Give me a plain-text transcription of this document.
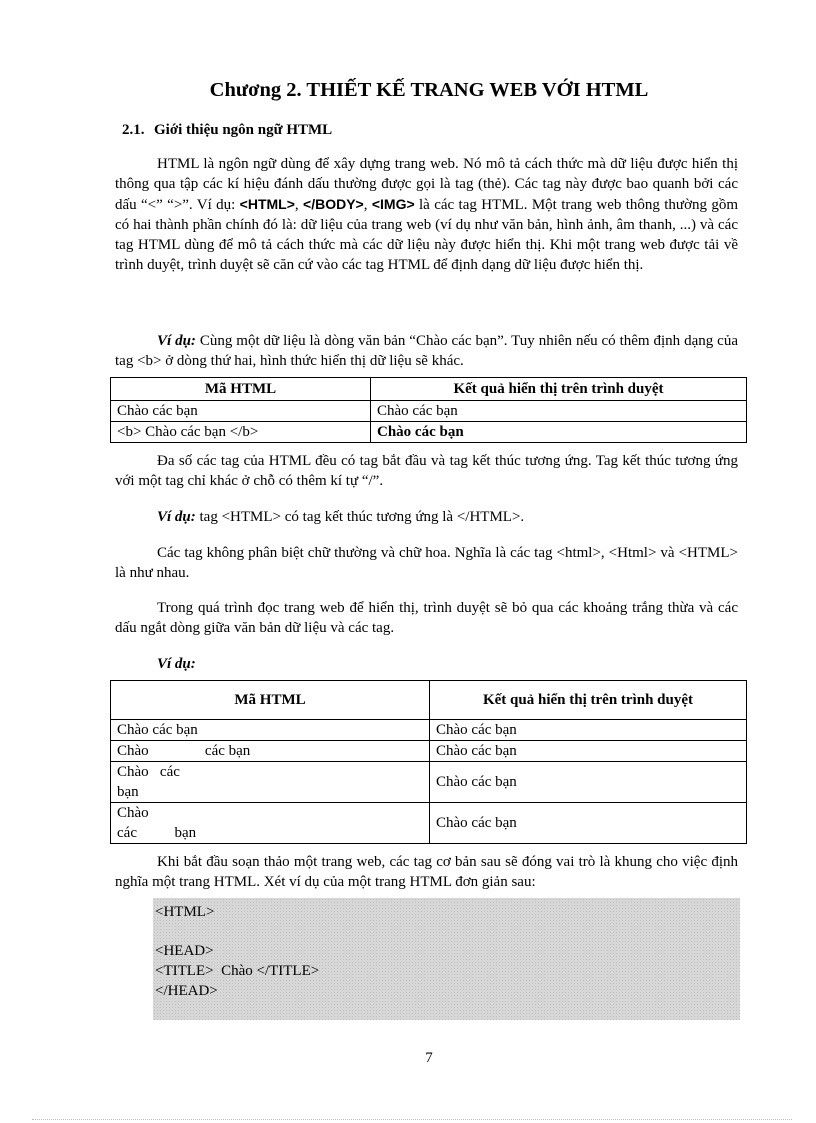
Chương 2. THIẾT KẾ TRANG WEB VỚI HTML
2.1. Giới thiệu ngôn ngữ HTML
HTML là ngôn ngữ dùng để xây dựng trang web. Nó mô tả cách thức mà dữ liệu được hiển thị thông qua tập các kí hiệu đánh dấu thường được gọi là tag (thẻ). Các tag này được bao quanh bởi các dấu “<” “>”. Ví dụ: <HTML>, </BODY>, <IMG> là các tag HTML. Một trang web thông thường gồm có hai thành phần chính đó là: dữ liệu của trang web (ví dụ như văn bản, hình ảnh, âm thanh, ...) và các tag HTML dùng để mô tả cách thức mà các dữ liệu này được hiển thị. Khi một trang web được tải về trình duyệt, trình duyệt sẽ căn cứ vào các tag HTML để định dạng dữ liệu được hiển thị.
Ví dụ: Cùng một dữ liệu là dòng văn bản “Chào các bạn”. Tuy nhiên nếu có thêm định dạng của tag <b> ở dòng thứ hai, hình thức hiển thị dữ liệu sẽ khác.
Mã HTML	Kết quả hiển thị trên trình duyệt
Chào các bạn	Chào các bạn
<b> Chào các bạn </b>	Chào các bạn
Đa số các tag của HTML đều có tag bắt đầu và tag kết thúc tương ứng. Tag kết thúc tương ứng với một tag chỉ khác ở chỗ có thêm kí tự “/”.
Ví dụ: tag <HTML> có tag kết thúc tương ứng là </HTML>.
Các tag không phân biệt chữ thường và chữ hoa. Nghĩa là các tag <html>, <Html> và <HTML> là như nhau.
Trong quá trình đọc trang web để hiển thị, trình duyệt sẽ bỏ qua các khoảng trắng thừa và các dấu ngắt dòng giữa văn bản dữ liệu và các tag.
Ví dụ:
Mã HTML	Kết quả hiển thị trên trình duyệt
Chào các bạn	Chào các bạn
Chào               các bạn	Chào các bạn
Chào   các
bạn	Chào các bạn
Chào
các          bạn	Chào các bạn
Khi bắt đầu soạn thảo một trang web, các tag cơ bản sau sẽ đóng vai trò là khung cho việc định nghĩa một trang HTML. Xét ví dụ của một trang HTML đơn giản sau:
<HTML>
<HEAD>
<TITLE>  Chào </TITLE>
</HEAD>
7
